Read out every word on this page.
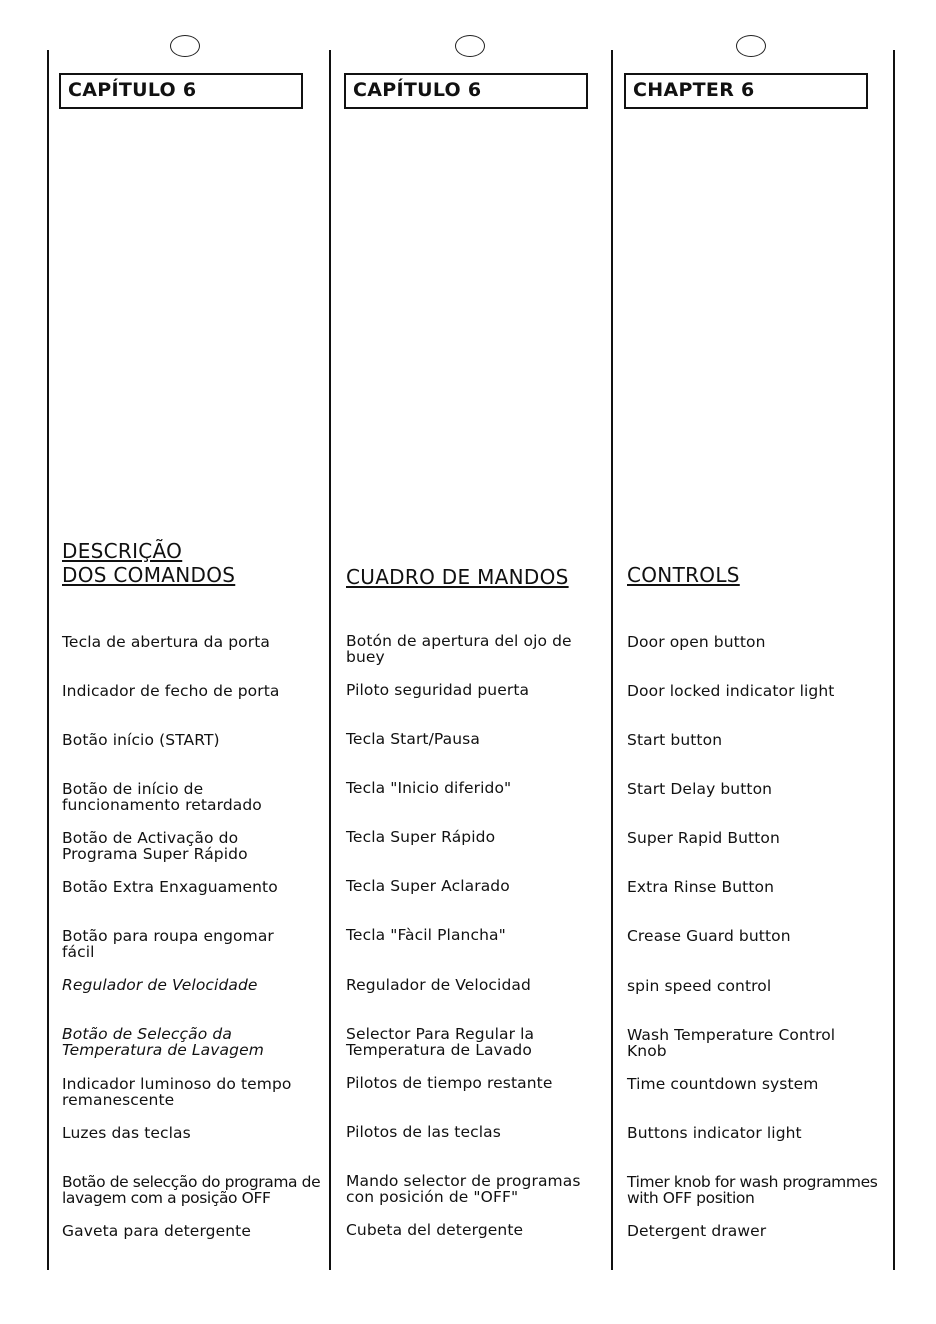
CAPÍTULO 6
DESCRIÇÃO
DOS COMANDOS
Tecla de abertura da porta
Indicador de fecho de porta
Botão início (START)
Botão de início de funcionamento retardado
Botão de Activação do Programa Super Rápido
Botão Extra Enxaguamento
Botão para roupa engomar fácil
Regulador de Velocidade
Botão de Selecção da Temperatura de Lavagem
Indicador luminoso do tempo remanescente
Luzes das teclas
Botão de selecção do programa de lavagem com a posição OFF
Gaveta para detergente
CAPÍTULO 6
CUADRO DE MANDOS
Botón de apertura del ojo de buey
Piloto seguridad puerta
Tecla Start/Pausa
Tecla "Inicio diferido"
Tecla Super Rápido
Tecla Super Aclarado
Tecla "Fàcil Plancha"
Regulador de Velocidad
Selector Para Regular la Temperatura de Lavado
Pilotos de tiempo restante
Pilotos de las teclas
Mando selector de programas con posición de "OFF"
Cubeta del detergente
CHAPTER 6
CONTROLS
Door open button
Door locked indicator light
Start button
Start Delay button
Super Rapid Button
Extra Rinse Button
Crease Guard button
spin speed control
Wash Temperature Control Knob
Time countdown system
Buttons indicator light
Timer knob for wash programmes with OFF position
Detergent drawer
